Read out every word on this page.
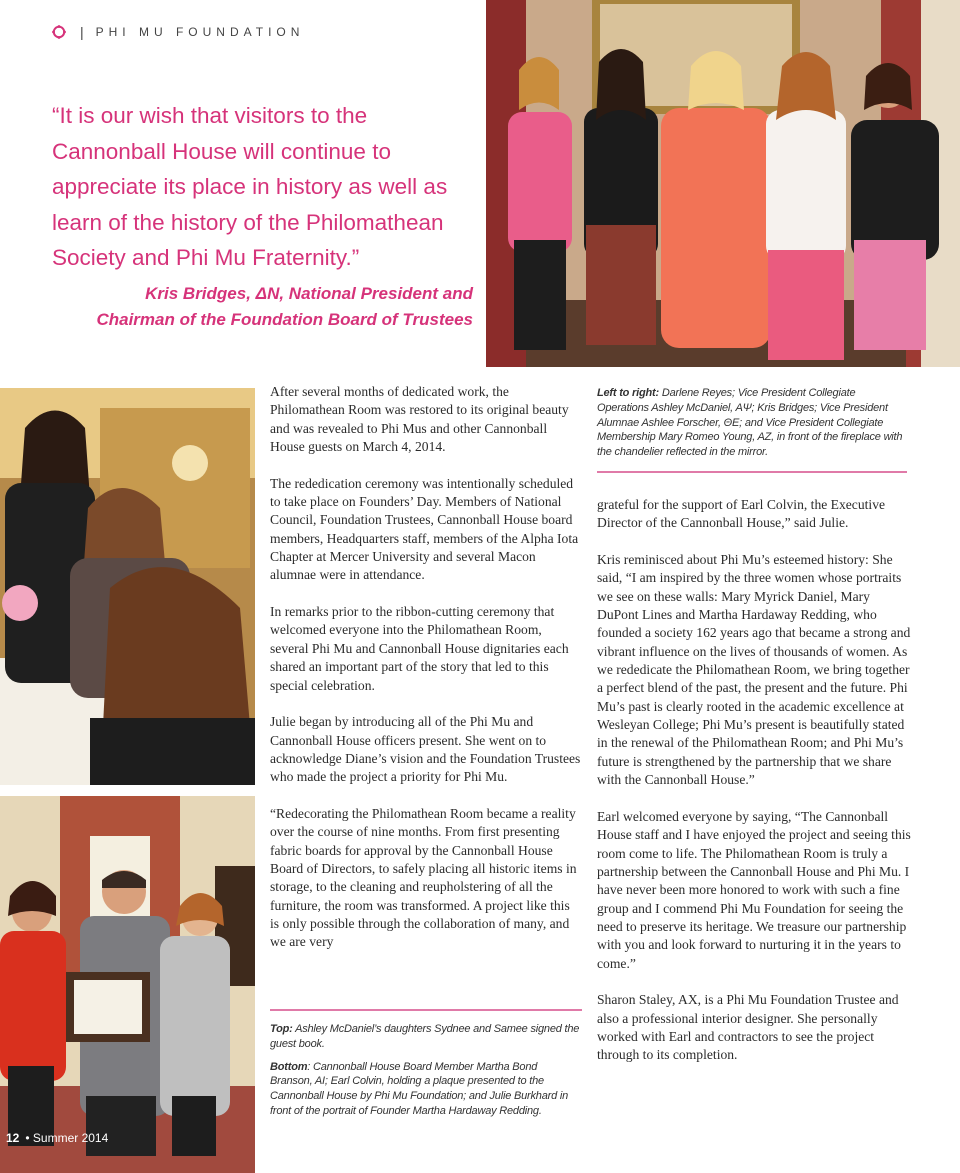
| PHI MU FOUNDATION
“It is our wish that visitors to the Cannonball House will continue to appreciate its place in history as well as learn of the history of the Philomathean Society and Phi Mu Fraternity.”
Kris Bridges, ΔN, National President and
Chairman of the Foundation Board of Trustees

After several months of dedicated work, the Philomathean Room was restored to its original beauty and was revealed to Phi Mus and other Cannonball House guests on March 4, 2014.

The rededication ceremony was intentionally scheduled to take place on Founders’ Day. Members of National Council, Foundation Trustees, Cannonball House board members, Headquarters staff, members of the Alpha Iota Chapter at Mercer University and several Macon alumnae were in attendance.

In remarks prior to the ribbon-cutting ceremony that welcomed everyone into the Philomathean Room, several Phi Mu and Cannonball House dignitaries each shared an important part of the story that led to this special celebration.

Julie began by introducing all of the Phi Mu and Cannonball House officers present. She went on to acknowledge Diane’s vision and the Foundation Trustees who made the project a priority for Phi Mu.

“Redecorating the Philomathean Room became a reality over the course of nine months. From first presenting fabric boards for approval by the Cannonball House Board of Directors, to safely placing all historic items in storage, to the cleaning and reupholstering of all the furniture, the room was transformed. A project like this is only possible through the collaboration of many, and we are very

Left to right: Darlene Reyes; Vice President Collegiate Operations Ashley McDaniel, AΨ; Kris Bridges; Vice President Alumnae Ashlee Forscher, ΘE; and Vice President Collegiate Membership Mary Romeo Young, AZ, in front of the fireplace with the chandelier reflected in the mirror.

grateful for the support of Earl Colvin, the Executive Director of the Cannonball House,” said Julie.

Kris reminisced about Phi Mu’s esteemed history: She said, “I am inspired by the three women whose portraits we see on these walls: Mary Myrick Daniel, Mary DuPont Lines and Martha Hardaway Redding, who founded a society 162 years ago that became a strong and vibrant influence on the lives of thousands of women. As we rededicate the Philomathean Room, we bring together a perfect blend of the past, the present and the future. Phi Mu’s past is clearly rooted in the academic excellence at Wesleyan College; Phi Mu’s present is beautifully stated in the renewal of the Philomathean Room; and Phi Mu’s future is strengthened by the partnership that we share with the Cannonball House.”

Earl welcomed everyone by saying, “The Cannonball House staff and I have enjoyed the project and seeing this room come to life. The Philomathean Room is truly a partnership between the Cannonball House and Phi Mu. I have never been more honored to work with such a fine group and I commend Phi Mu Foundation for seeing the need to preserve its heritage. We treasure our partnership with you and look forward to nurturing it in the years to come.”

Sharon Staley, AX, is a Phi Mu Foundation Trustee and also a professional interior designer. She personally worked with Earl and contractors to see the project through to its completion.

Top: Ashley McDaniel’s daughters Sydnee and Samee signed the guest book.
Bottom: Cannonball House Board Member Martha Bond Branson, AI; Earl Colvin, holding a plaque presented to the Cannonball House by Phi Mu Foundation; and Julie Burkhard in front of the portrait of Founder Martha Hardaway Redding.
12 • Summer 2014
